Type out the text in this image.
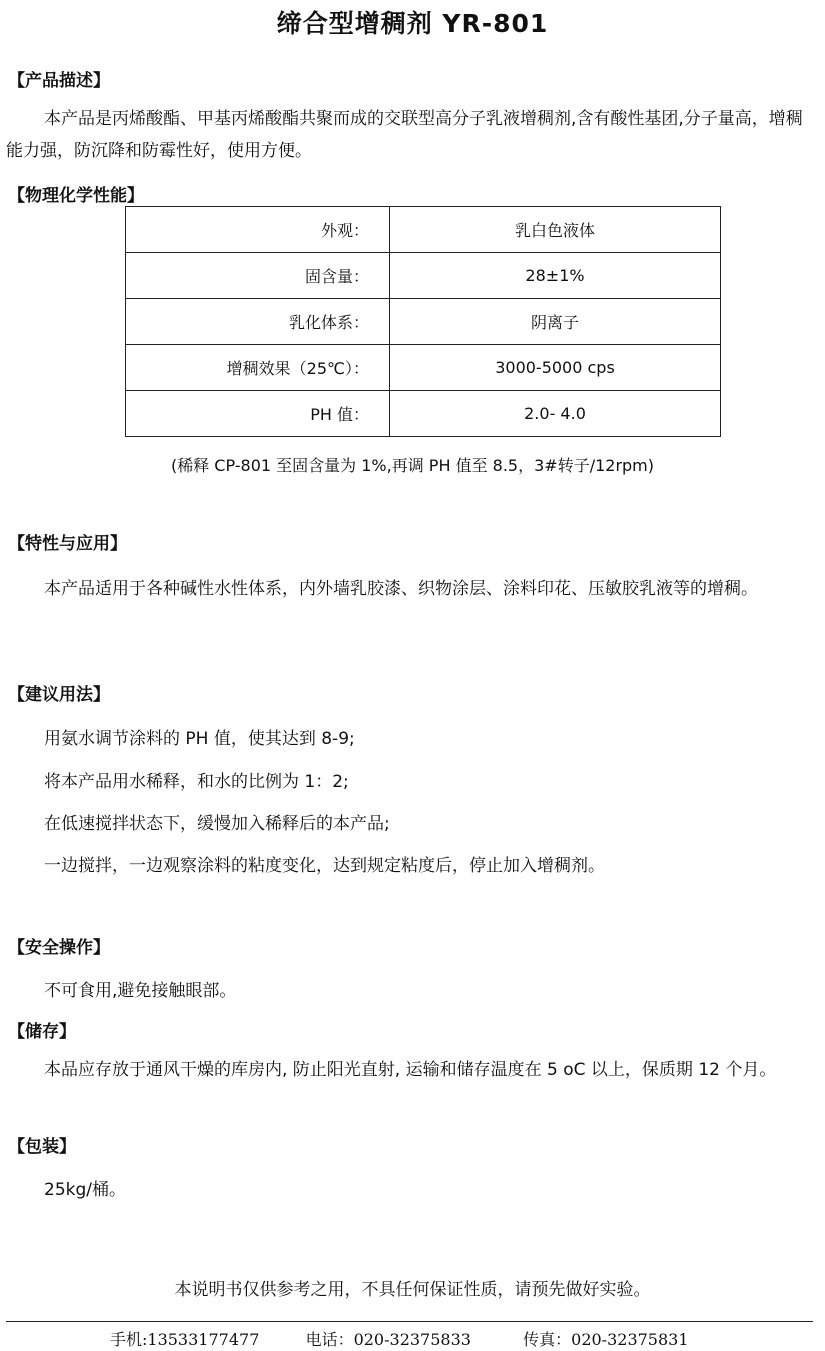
缔合型增稠剂 YR-801
【产品描述】
本产品是丙烯酸酯、甲基丙烯酸酯共聚而成的交联型高分子乳液增稠剂,含有酸性基团,分子量高，增稠能力强，防沉降和防霉性好，使用方便。
【物理化学性能】
外观：	乳白色液体
固含量：	28±1%
乳化体系：	阴离子
增稠效果（25℃）：	3000-5000 cps
PH 值：	2.0- 4.0
(稀释 CP-801 至固含量为 1%,再调 PH 值至 8.5，3#转子/12rpm)
【特性与应用】
本产品适用于各种碱性水性体系，内外墙乳胶漆、织物涂层、涂料印花、压敏胶乳液等的增稠。
【建议用法】
用氨水调节涂料的 PH 值，使其达到 8-9;
将本产品用水稀释，和水的比例为 1：2;
在低速搅拌状态下，缓慢加入稀释后的本产品;
一边搅拌，一边观察涂料的粘度变化，达到规定粘度后，停止加入增稠剂。
【安全操作】
不可食用,避免接触眼部。
【储存】
本品应存放于通风干燥的库房内, 防止阳光直射, 运输和储存温度在 5 oC 以上，保质期 12 个月。
【包装】
25kg/桶。
本说明书仅供参考之用，不具任何保证性质，请预先做好实验。
手机:13533177477	电话：020-32375833	传真：020-32375831
